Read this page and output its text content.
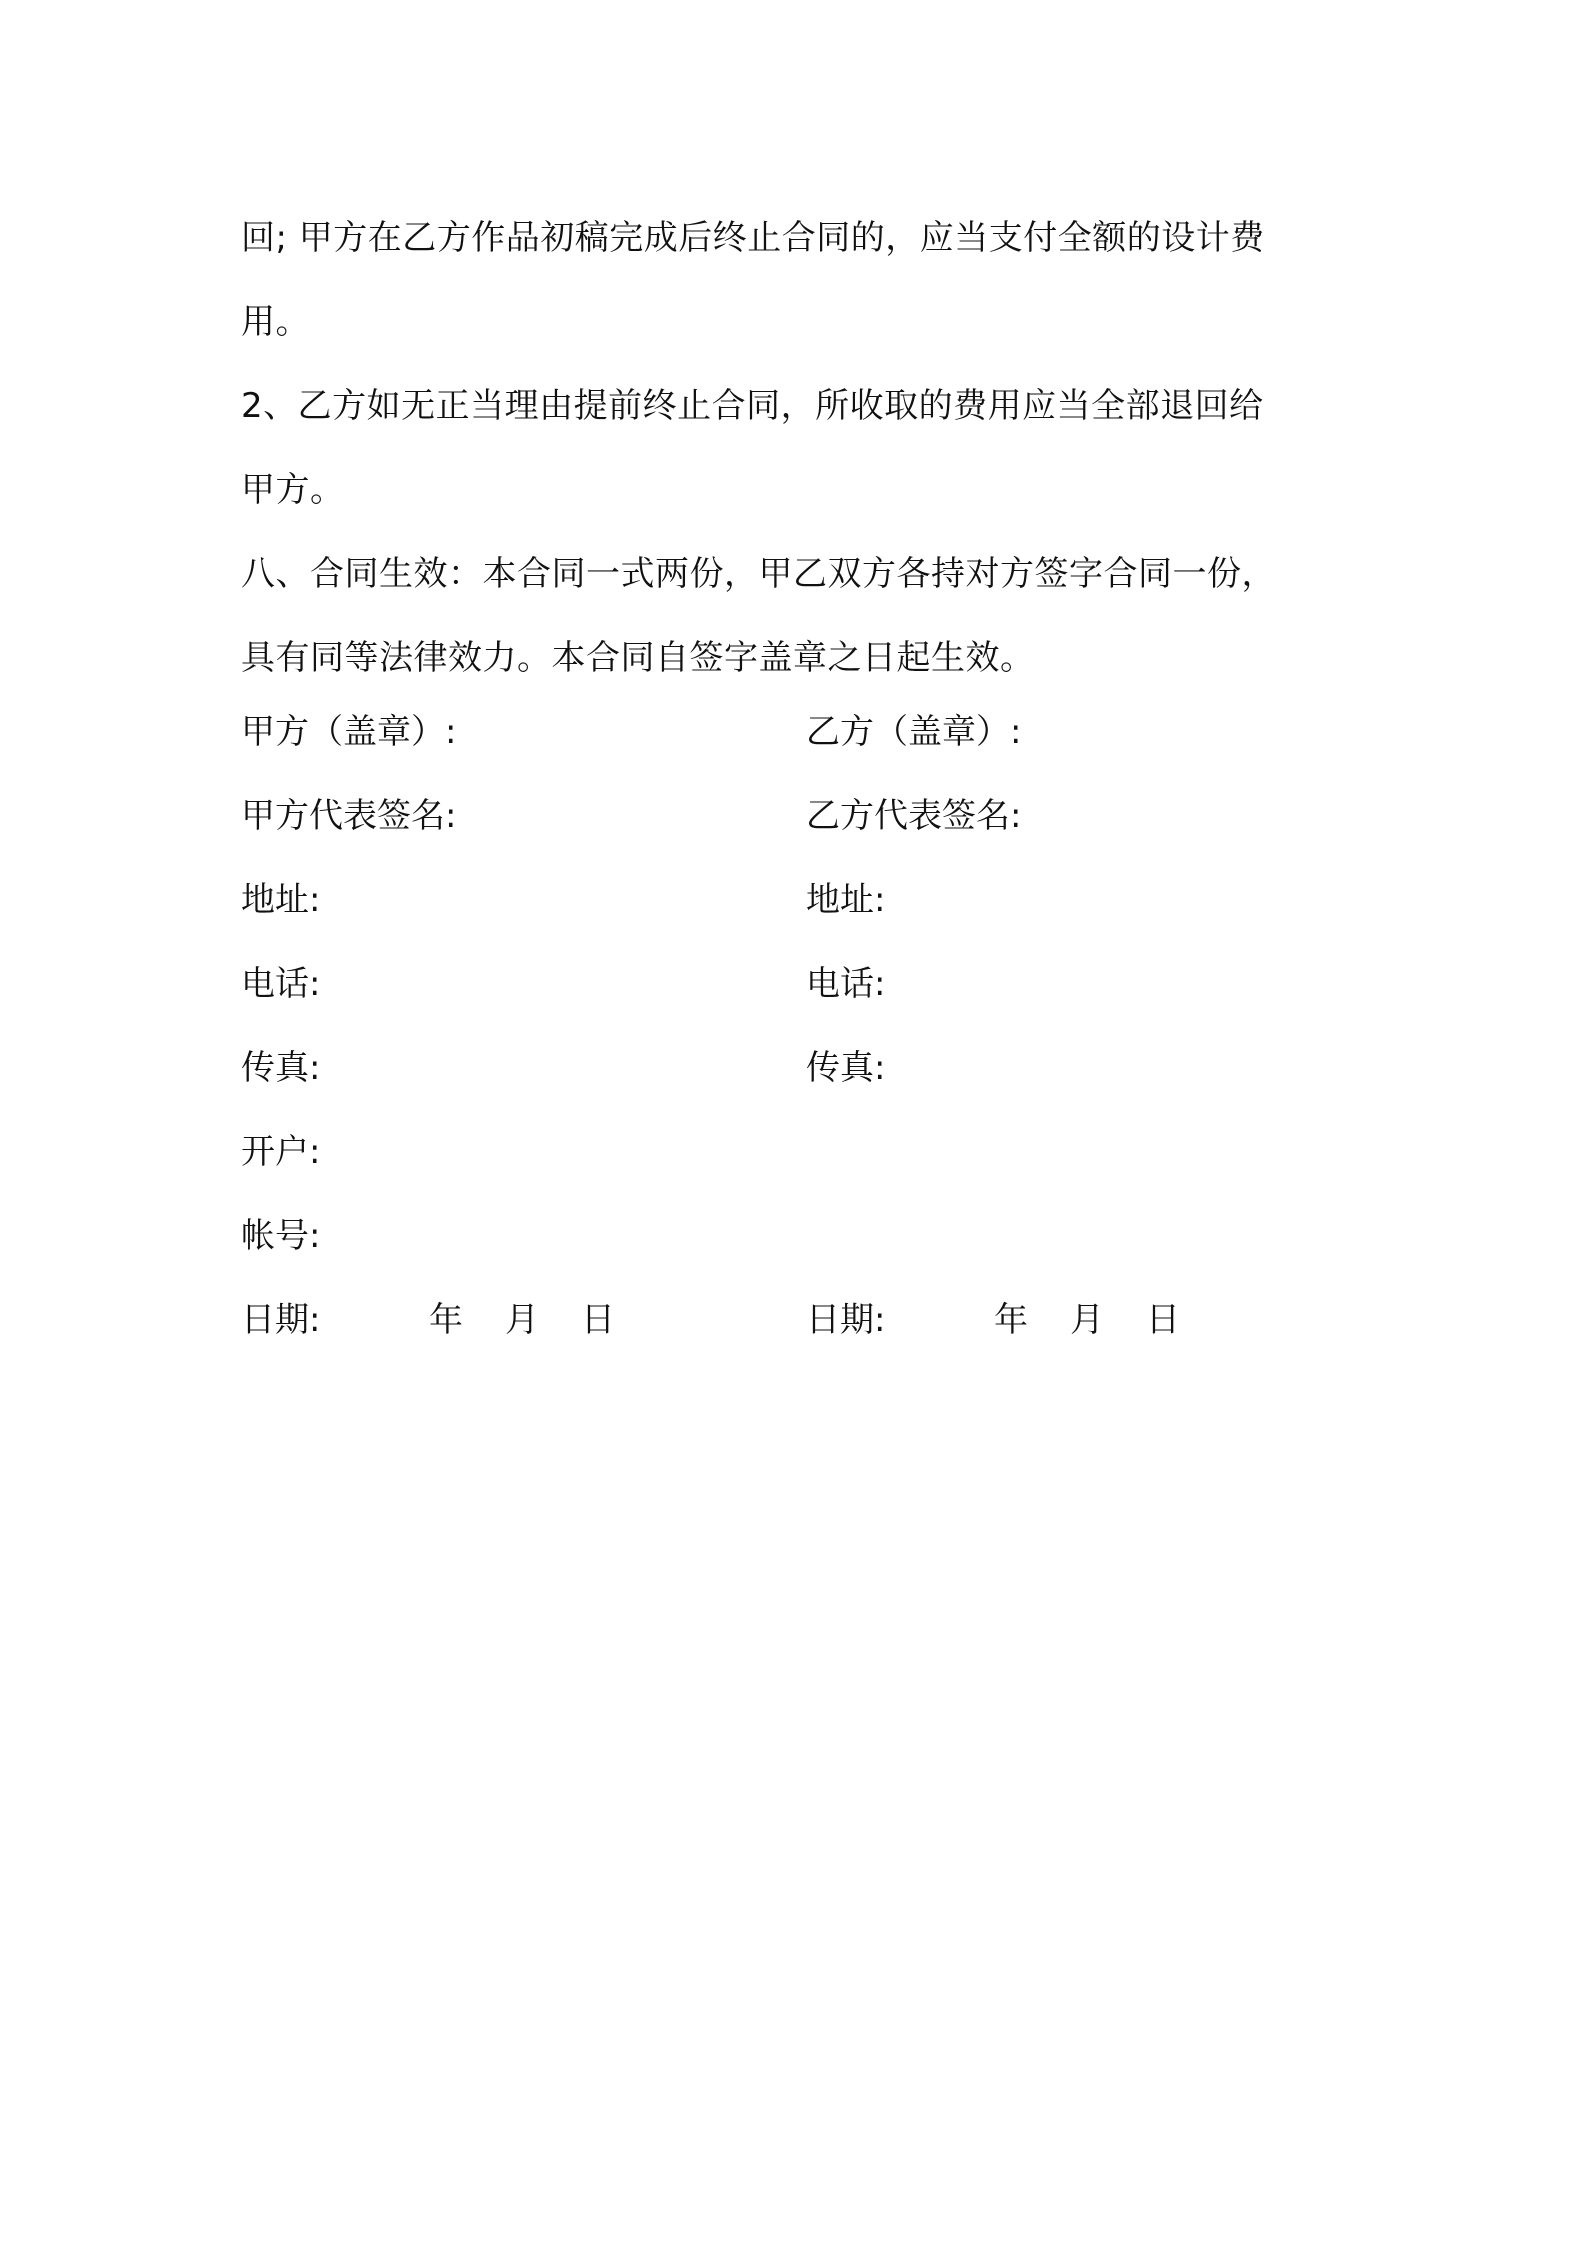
回; 甲方在乙方作品初稿完成后终止合同的，应当支付全额的设计费
用。
2、乙方如无正当理由提前终止合同，所收取的费用应当全部退回给
甲方。
八、合同生效：本合同一式两份，甲乙双方各持对方签字合同一份，
具有同等法律效力。本合同自签字盖章之日起生效。
甲方（盖章）:	乙方（盖章）:
甲方代表签名:	乙方代表签名:
地址:	地址:
电话:	电话:
传真:	传真:
开户:
帐号:
日期:	年 月 日	日期:	年 月 日
